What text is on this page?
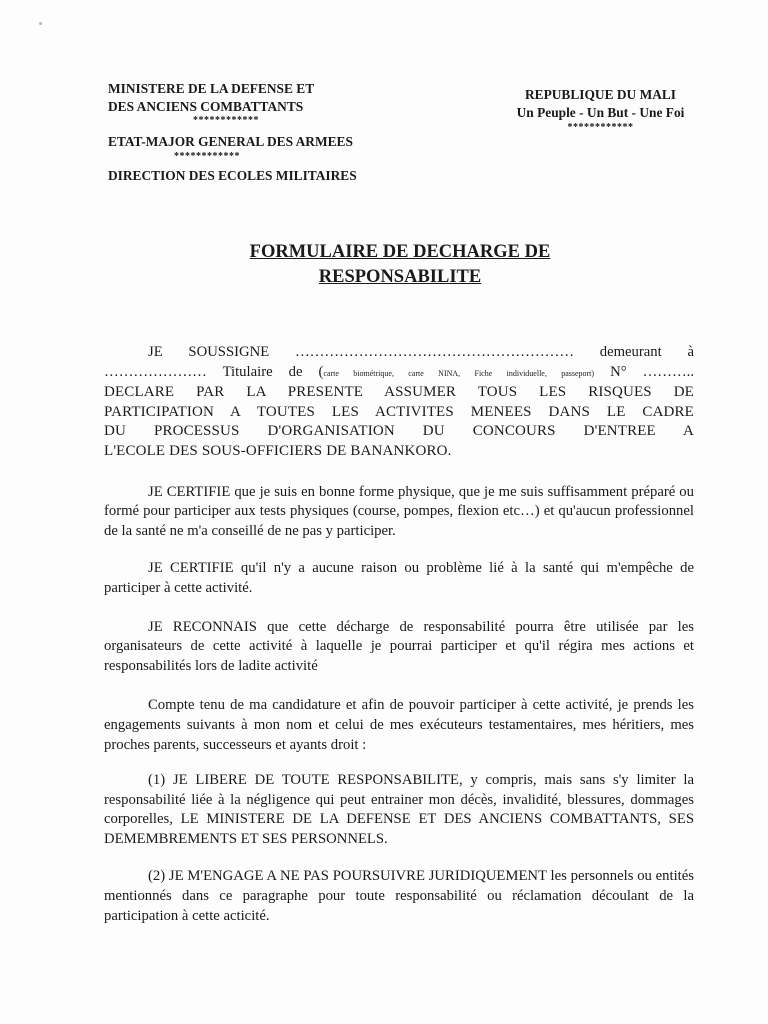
MINISTERE DE LA DEFENSE ET
DES ANCIENS COMBATTANTS
************
ETAT-MAJOR GENERAL DES ARMEES
************
DIRECTION DES ECOLES MILITAIRES
REPUBLIQUE DU MALI
Un Peuple - Un But - Une Foi
************
FORMULAIRE DE DECHARGE DE
RESPONSABILITE

JE SOUSSIGNE ………………………………………………… demeurant à
………………… Titulaire de (carte biométrique, carte NINA, Fiche individuelle, passeport) N° ………..
DECLARE PAR LA PRESENTE ASSUMER TOUS LES RISQUES DE
PARTICIPATION A TOUTES LES ACTIVITES MENEES DANS LE CADRE
DU PROCESSUS D'ORGANISATION DU CONCOURS D'ENTREE A
L'ECOLE DES SOUS-OFFICIERS DE BANANKORO.

JE CERTIFIE que je suis en bonne forme physique, que je me suis suffisamment préparé ou formé pour participer aux tests physiques (course, pompes, flexion etc…) et qu'aucun professionnel de la santé ne m'a conseillé de ne pas y participer.

JE CERTIFIE qu'il n'y a aucune raison ou problème lié à la santé qui m'empêche de participer à cette activité.

JE RECONNAIS que cette décharge de responsabilité pourra être utilisée par les organisateurs de cette activité à laquelle je pourrai participer et qu'il régira mes actions et responsabilités lors de ladite activité

Compte tenu de ma candidature et afin de pouvoir participer à cette activité, je prends les engagements suivants à mon nom et celui de mes exécuteurs testamentaires, mes héritiers, mes proches parents, successeurs et ayants droit :

(1) JE LIBERE DE TOUTE RESPONSABILITE, y compris, mais sans s'y limiter la responsabilité liée à la négligence qui peut entrainer mon décès, invalidité, blessures, dommages corporelles, LE MINISTERE DE LA DEFENSE ET DES ANCIENS COMBATTANTS, SES DEMEMBREMENTS ET SES PERSONNELS.

(2) JE M'ENGAGE A NE PAS POURSUIVRE JURIDIQUEMENT les personnels ou entités mentionnés dans ce paragraphe pour toute responsabilité ou réclamation découlant de la participation à cette acticité.
